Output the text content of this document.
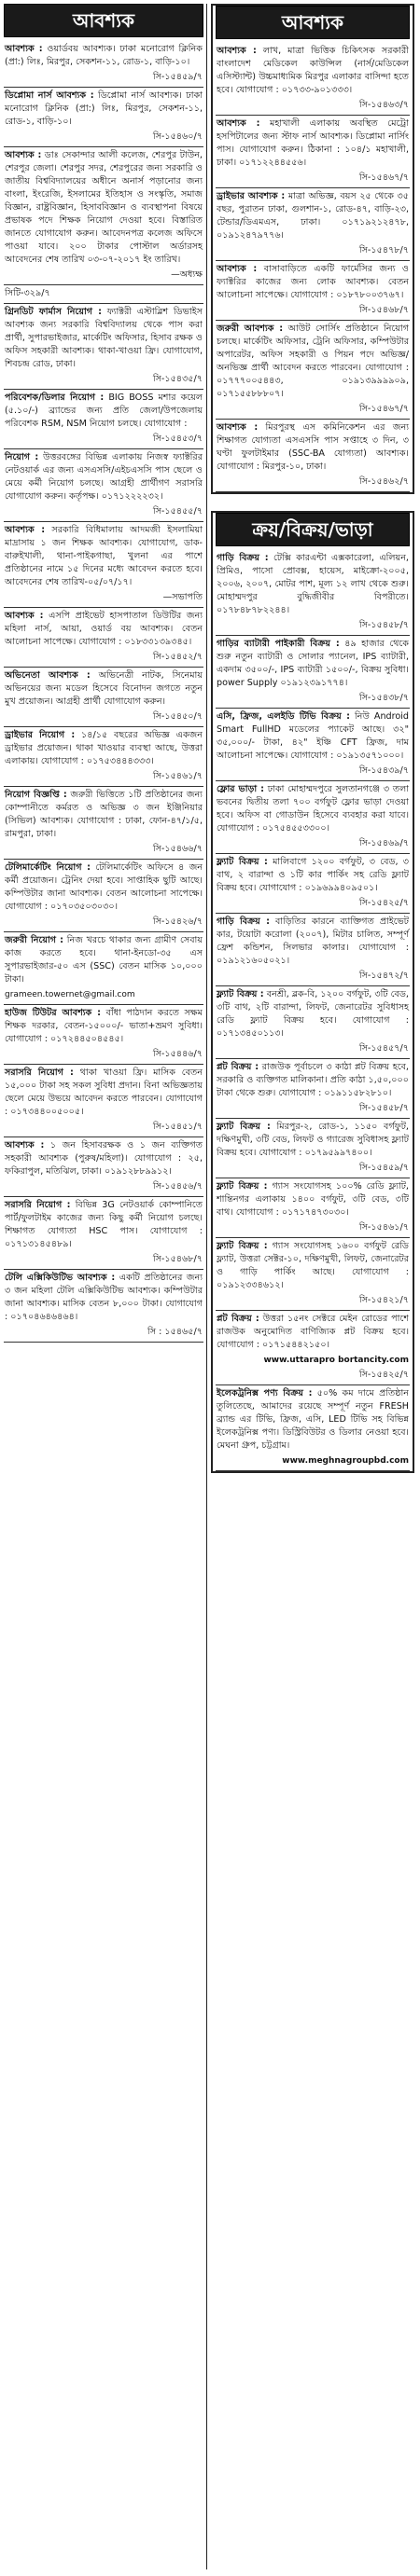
আবশ্যক
আবশ্যক : ওয়ার্ডবয় আবশ্যক। ঢাকা মনোরোগ ক্লিনিক (প্রা:) লিঃ, মিরপুর, সেকশন-১১, রোড-১, বাড়ি-১০।
সি-১৫৪৫৯/৭
ডিপ্লোমা নার্স আবশ্যক : ডিপ্লোমা নার্স আবশ্যক। ঢাকা মনোরোগ ক্লিনিক (প্রা:) লিঃ, মিরপুর, সেকশন-১১, রোড-১, বাড়ি-১০।
সি-১৫৪৬০/৭
আবশ্যক : ডাঃ সেকান্দার আলী কলেজ, শেরপুর টাউন, শেরপুর জেলা। শেরপুর সদর, শেরপুরের জন্য সরকারি ও জাতীয় বিশ্ববিদ্যালয়ের অধীনে অনার্স পড়ানোর জন্য বাংলা, ইংরেজি, ইসলামের ইতিহাস ও সংস্কৃতি, সমাজ বিজ্ঞান, রাষ্ট্রবিজ্ঞান, হিসাববিজ্ঞান ও ব্যবস্থাপনা বিষয়ে প্রভাষক পদে শিক্ষক নিয়োগ দেওয়া হবে। বিস্তারিত জানতে যোগাযোগ করুন। আবেদনপত্র কলেজ অফিসে পাওয়া যাবে। ২০০ টাকার পোস্টাল অর্ডারসহ আবেদনের শেষ তারিখ ০৩-০৭-২০১৭ ইং তারিখ।
—অধ্যক্ষ
সিটি-৩২৯/৭
গ্রিনডিট ফার্মাস নিয়োগ : ফ্যাক্টরী এস্টাব্লিশ ডিভাইস আবশ্যক জন্য সরকারি বিশ্ববিদ্যালয় থেকে পাস করা প্রার্থী, সুপারভাইজার, মার্কেটিং অফিসার, হিসাব রক্ষক ও অফিস সহকারী আবশ্যক। থাকা-খাওয়া ফ্রি। যোগাযোগ, শিবচন্দ্র রোড, ঢাকা।
সি-১৫৪৩৫/৭
পরিবেশক/ডিলার নিয়োগ : BIG BOSS মশার কয়েল (৫.১০/-) ব্র্যান্ডের জন্য প্রতি জেলা/উপজেলায় পরিবেশক RSM, NSM নিয়োগ চলছে। যোগাযোগ :
সি-১৫৪৫৩/৭
নিয়োগ : উত্তরবঙ্গের বিভিন্ন এলাকায় নিজস্ব ফ্যাক্টরির নেটওয়ার্ক এর জন্য এসএসসি/এইচএসসি পাস ছেলে ও মেয়ে কর্মী নিয়োগ চলছে। আগ্রহী প্রার্থীগণ সরাসরি যোগাযোগ করুন। কর্তৃপক্ষ। ০১৭১২২২২৩২।
সি-১৫৪৫৫/৭
আবশ্যক : সরকারি বিধিমালায় আদমজী ইসলামিয়া মাদ্রাসায় ১ জন শিক্ষক আবশ্যক। যোগাযোগ, ডাক-বারুইখালী, থানা-পাইকগাছা, খুলনা এর পাশে প্রতিষ্ঠানের নামে ১৫ দিনের মধ্যে আবেদন করতে হবে। আবেদনের শেষ তারিখ-০৫/০৭/১৭।
—সভাপতি
আবশ্যক : এসপি প্রাইভেট হাসপাতাল ডিউটির জন্য মহিলা নার্স, আয়া, ওয়ার্ড বয় আবশ্যক। বেতন আলোচনা সাপেক্ষে। যোগাযোগ : ০১৮৩৩১৩৯৩৪৫।
সি-১৫৪৫২/৭
অভিনেতা আবশ্যক : অভিনেত্রী নাটক, সিনেমায় অভিনয়ের জন্য মডেল হিসেবে বিনোদন জগতে নতুন মুখ প্রয়োজন। আগ্রহী প্রার্থী যোগাযোগ করুন।
সি-১৫৪৫০/৭
ড্রাইভার নিয়োগ : ১৪/১৫ বছরের অভিজ্ঞ একজন ড্রাইভার প্রয়োজন। থাকা খাওয়ার ব্যবস্থা আছে, উত্তরা এলাকায়। যোগাযোগ : ০১৭৫৩৪৪৪৩৩৩।
সি-১৫৪৬১/৭
নিয়োগ বিজ্ঞপ্তি : জরুরী ভিত্তিতে ১টি প্রতিষ্ঠানের জন্য কোম্পানীতে কর্মরত ও অভিজ্ঞ ৩ জন ইঞ্জিনিয়ার (সিভিল) আবশ্যক। যোগাযোগ : ঢাকা, ফোন-৪৭/১/৫, রামপুরা, ঢাকা।
সি-১৫৪৬৬/৭
টেলিমার্কেটিং নিয়োগ : টেলিমার্কেটিং অফিসে ৪ জন কর্মী প্রয়োজন। ট্রেনিং দেয়া হবে। সাপ্তাহিক ছুটি আছে। কম্পিউটার জানা আবশ্যক। বেতন আলোচনা সাপেক্ষে। যোগাযোগ : ০১৭০৩৫০৩০৩০।
সি-১৫৪২৬/৭
জরুরী নিয়োগ : নিজ খরচে থাকার জন্য গ্রামীণ সেবায় কাজ করতে হবে। থানা-ইনডো-৩৫ এস সুপারভাইজার-৫০ এস (SSC) বেতন মাসিক ১০,০০০ টাকা।
grameen.towernet@gmail.com
হাউজ টিউটর আবশ্যক : বাঁধা পাঠদান করতে সক্ষম শিক্ষক দরকার, বেতন-১৫০০০/- ভাতা+ভ্রমণ সুবিধা। যোগাযোগ : ০১৭২৪৪৫০৪৫৪৫।
সি-১৫৪৪৬/৭
সরাসরি নিয়োগ : থাকা খাওয়া ফ্রি। মাসিক বেতন ১৫,০০০ টাকা সহ সকল সুবিধা প্রদান। বিনা অভিজ্ঞতায় ছেলে মেয়ে উভয়ে আবেদন করতে পারবেন। যোগাযোগ : ০১৭৩৪৪০০৫০০৫।
সি-১৫৪৫১/৭
আবশ্যক : ১ জন হিসাবরক্ষক ও ১ জন ব্যক্তিগত সহকারী আবশ্যক (পুরুষ/মহিলা)। যোগাযোগ : ২৫, ফকিরাপুল, মতিঝিল, ঢাকা। ০১৯১২৮৮৯৯১২।
সি-১৫৪৫৬/৭
সরাসরি নিয়োগ : বিভিন্ন 3G নেটওয়ার্ক কোম্পানিতে পার্ট/ফুলটাইম কাজের জন্য কিছু কর্মী নিয়োগ চলছে। শিক্ষাগত যোগ্যতা HSC পাস। যোগাযোগ : ০১৭১৩১৪৫৪৮৯।
সি-১৫৪৬৮/৭
টেলি এক্সিকিউটিভ আবশ্যক : একটি প্রতিষ্ঠানের জন্য ৩ জন মহিলা টেলি এক্সিকিউটিভ আবশ্যক। কম্পিউটার জানা আবশ্যক। মাসিক বেতন ৮,০০০ টাকা। যোগাযোগ : ০১৭০৪৬৪৬৪৬৪।
সি : ১৫৪৬৫/৭
আবশ্যক
আবশ্যক : লাখ, মাত্রা ভিত্তিক চিকিৎসক সরকারী বাংলাদেশ মেডিকেল কাউন্সিল (নার্স/মেডিকেল এসিস্ট্যান্ট) উচ্চমাধ্যমিক মিরপুর এলাকার বাসিন্দা হতে হবে। যোগাযোগ : ০১৭৩৩-৯০১৩৩৩।
সি-১৫৪৬৩/৭
আবশ্যক : মহাখালী এলাকায় অবস্থিত মেট্রো হসপিটালের জন্য স্টাফ নার্স আবশ্যক। ডিপ্লোমা নার্সিং পাস। যোগাযোগ করুন। ঠিকানা : ১০৪/১ মহাখালী, ঢাকা। ০১৭১২২৪৪৫৫৬।
সি-১৫৪৬৭/৭
ড্রাইভার আবশ্যক : মাত্রা অভিজ্ঞ, বয়স ২৫ থেকে ৩৫ বছর, পুরাতন ঢাকা, গুলশান-১, রোড-৪৭, বাড়ি-২৩, টেন্ডার/ডিএমএস, ঢাকা। ০১৭১৯২১২৪৭৮, ০১৯১২৪৭৯৭৭৬।
সি-১৫৪৭৮/৭
আবশ্যক : বাসাবাড়িতে একটি ফার্মেসির জন্য ও ফ্যাক্টরির কাজের জন্য লোক আবশ্যক। বেতন আলোচনা সাপেক্ষে। যোগাযোগ : ০১৮৭৮০০৩৭৬৭।
সি-১৫৪৬৮/৭
জরুরী আবশ্যক : আউট সোর্সিং প্রতিষ্ঠানে নিয়োগ চলছে। মার্কেটিং অফিসার, ট্রেনি অফিসার, কম্পিউটার অপারেটর, অফিস সহকারী ও পিয়ন পদে অভিজ্ঞ/অনভিজ্ঞ প্রার্থী আবেদন করতে পারবেন। যোগাযোগ : ০১৭৭৭০০৫৪৪৩, ০১৯১৩৯৯৯৯০৯, ০১৭১৫৫৮৮৮০৭।
সি-১৫৪৬৭/৭
আবশ্যক : মিরপুরস্থ এস কমিনিকেশন এর জন্য শিক্ষাগত যোগ্যতা এসএসসি পাস সপ্তাহে ৩ দিন, ৩ ঘণ্টা ফুলটাইমার (SSC-BA যোগ্যতা) আবশ্যক। যোগাযোগ : মিরপুর-১০, ঢাকা।
সি-১৫৪৬২/৭
ক্রয়/বিক্রয়/ভাড়া
গাড়ি বিক্রয় : টেক্সি কারএন্টা এক্সকারেলা, এলিয়ন, প্রিমিও, পাসো প্রোবক্স, হায়েস, মাইক্রো-২০০৫, ২০০৬, ২০০৭, মোটর পাশ, মূল্য ১২ লাখ থেকে শুরু। মোহাম্মদপুর বুদ্ধিজীবীর বিপরীতে। ০১৭৮৪৮৭৮২২৪৪।
সি-১৫৪৫৮/৭
গাড়ির ব্যাটারী পাইকারী বিক্রয় : ৪৯ হাজার থেকে শুরু নতুন ব্যাটারী ও সোলার প্যানেল, IPS ব্যাটারী, একদাম ৩৫০০/-, IPS ব্যাটারী ১৫০০/-, বিক্রয় সুবিধা। power Supply ০১৯১২৩৯১৭৭৪।
সি-১৫৪৩৮/৭
এসি, ফ্রিজ, এলইডি টিভি বিক্রয় : নিউ Android Smart FullHD মডেলের প্যাকেট আছে। ৩২" ৩৫,০০০/- টাকা, ৪২" ইঞ্চি CFT ফ্রিজ, দাম আলোচনা সাপেক্ষে। যোগাযোগ : ০১৯১৩৫৭১০০০।
সি-১৫৪৩৯/৭
ফ্লোর ভাড়া : ঢাকা মোহাম্মদপুরে সুলতানগঞ্জে ৩ তলা ভবনের দ্বিতীয় তলা ৭০০ বর্গফুট ফ্লোর ভাড়া দেওয়া হবে। অফিস বা গোডাউন হিসেবে ব্যবহার করা যাবে। যোগাযোগ : ০১৭৫৪৫৫৩৩০০।
সি-১৫৪৬৯/৭
ফ্ল্যাট বিক্রয় : মালিবাগে ১২০০ বর্গফুট, ৩ বেড, ৩ বাথ, ২ বারান্দা ও ১টি কার পার্কিং সহ রেডি ফ্ল্যাট বিক্রয় হবে। যোগাযোগ : ০১৯৬৯৯৪০৯৫০১।
সি-১৫৪২৫/৭
গাড়ি বিক্রয় : বাড়িতির কারনে ব্যাক্তিগত প্রাইভেট কার, টয়োটা করোলা (২০০৭), মিটার চালিত, সম্পূর্ণ ফ্রেশ কন্ডিশন, সিলভার কালার। যোগাযোগ : ০১৯১২১৬০৫০২১।
সি-১৫৪৭২/৭
ফ্ল্যাট বিক্রয় : বনশ্রী, ব্লক-বি, ১২০০ বর্গফুট, ৩টি বেড, ৩টি বাথ, ২টি বারান্দা, লিফট, জেনারেটর সুবিধাসহ রেডি ফ্ল্যাট বিক্রয় হবে। যোগাযোগ : ০১৭১৩৪৫০১১৩।
সি-১৫৪৫৭/৭
প্লট বিক্রয় : রাজউক পূর্বাচলে ৩ কাঠা প্লট বিক্রয় হবে, সরকারি ও ব্যক্তিগত মালিকানা। প্রতি কাঠা ১,৫০,০০০ টাকা থেকে শুরু। যোগাযোগ : ০১৯১১৫৮২৮১০।
সি-১৫৪৫৮/৭
ফ্ল্যাট বিক্রয় : মিরপুর-২, রোড-১, ১১৫০ বর্গফুট, দক্ষিণমুখী, ৩টি বেড, লিফট ও গ্যারেজ সুবিধাসহ ফ্ল্যাট বিক্রয় হবে। যোগাযোগ : ০১৭৯৫৯৯৭৪০০।
সি-১৫৪৫৯/৭
ফ্ল্যাট বিক্রয় : গ্যাস সংযোগসহ ১০০% রেডি ফ্ল্যাট, শান্তিনগর এলাকায় ১৪০০ বর্গফুট, ৩টি বেড, ৩টি বাথ। যোগাযোগ : ০১৭১৭৪৭৩০৩০।
সি-১৫৪৬১/৭
ফ্ল্যাট বিক্রয় : গ্যাস সংযোগসহ ১৬০০ বর্গফুট রেডি ফ্ল্যাট, উত্তরা সেক্টর-১০, দক্ষিণমুখী, লিফট, জেনারেটর ও গাড়ি পার্কিং আছে। যোগাযোগ : ০১৯১২৩৩৪৬১২।
সি-১৫৪২১/৭
প্লট বিক্রয় : উত্তরা ১৫নং সেক্টরে মেইন রোডের পাশে রাজউক অনুমোদিত বাণিজ্যিক প্লট বিক্রয় হবে। যোগাযোগ : ০১৭১৫৪৪২১৫০।
www.uttarapro bortancity.com
সি-১৫৪২৫/৭
ইলেকট্রনিক্স পণ্য বিক্রয় : ৫০% কম দামে প্রতিষ্ঠান তুলিতেছে, আমাদের রয়েছে সম্পূর্ণ নতুন FRESH ব্র্যান্ড এর টিভি, ফ্রিজ, এসি, LED টিভি সহ বিভিন্ন ইলেকট্রনিক্স পণ্য। ডিস্ট্রিবিউটর ও ডিলার নেওয়া হবে। মেঘনা গ্রুপ, চট্টগ্রাম।
www.meghnagroupbd.com
